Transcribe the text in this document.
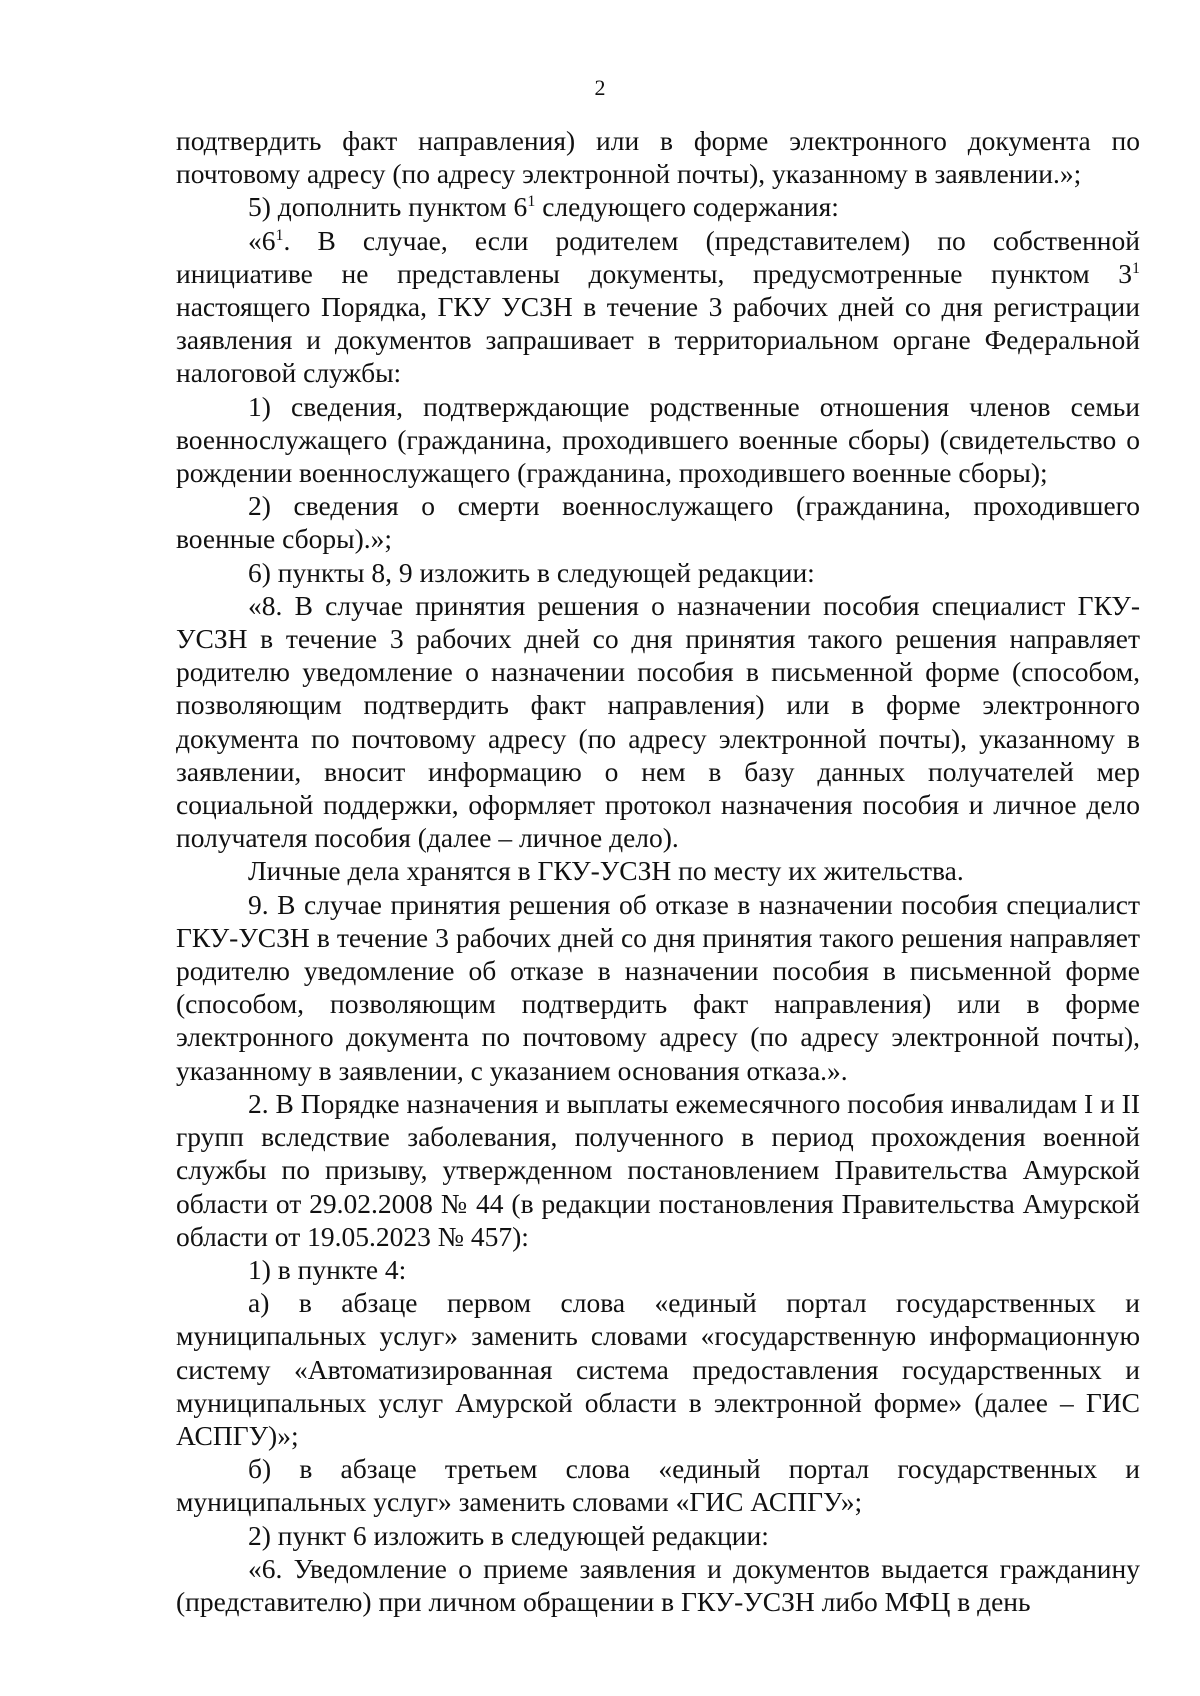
2

подтвердить факт направления) или в форме электронного документа по почтовому адресу (по адресу электронной почты), указанному в заявлении.»;

5) дополнить пунктом $6^1$ следующего содержания:

«$6^1$. В случае, если родителем (представителем) по собственной инициативе не представлены документы, предусмотренные пунктом $3^1$ настоящего Порядка, ГКУ УСЗН в течение 3 рабочих дней со дня регистрации заявления и документов запрашивает в территориальном органе Федеральной налоговой службы:

1) сведения, подтверждающие родственные отношения членов семьи военнослужащего (гражданина, проходившего военные сборы) (свидетельство о рождении военнослужащего (гражданина, проходившего военные сборы);

2) сведения о смерти военнослужащего (гражданина, проходившего военные сборы).»;

6) пункты 8, 9 изложить в следующей редакции:

«8. В случае принятия решения о назначении пособия специалист ГКУ-УСЗН в течение 3 рабочих дней со дня принятия такого решения направляет родителю уведомление о назначении пособия в письменной форме (способом, позволяющим подтвердить факт направления) или в форме электронного документа по почтовому адресу (по адресу электронной почты), указанному в заявлении, вносит информацию о нем в базу данных получателей мер социальной поддержки, оформляет протокол назначения пособия и личное дело получателя пособия (далее – личное дело).

Личные дела хранятся в ГКУ-УСЗН по месту их жительства.

9. В случае принятия решения об отказе в назначении пособия специалист ГКУ-УСЗН в течение 3 рабочих дней со дня принятия такого решения направляет родителю уведомление об отказе в назначении пособия в письменной форме (способом, позволяющим подтвердить факт направления) или в форме электронного документа по почтовому адресу (по адресу электронной почты), указанному в заявлении, с указанием основания отказа.».

2. В Порядке назначения и выплаты ежемесячного пособия инвалидам I и II групп вследствие заболевания, полученного в период прохождения военной службы по призыву, утвержденном постановлением Правительства Амурской области от 29.02.2008 № 44 (в редакции постановления Правительства Амурской области от 19.05.2023 № 457):

1) в пункте 4:

а) в абзаце первом слова «единый портал государственных и муниципальных услуг» заменить словами «государственную информационную систему «Автоматизированная система предоставления государственных и муниципальных услуг Амурской области в электронной форме» (далее – ГИС АСПГУ)»;

б) в абзаце третьем слова «единый портал государственных и муниципальных услуг» заменить словами «ГИС АСПГУ»;

2) пункт 6 изложить в следующей редакции:

«6. Уведомление о приеме заявления и документов выдается гражданину (представителю) при личном обращении в ГКУ-УСЗН либо МФЦ в день
